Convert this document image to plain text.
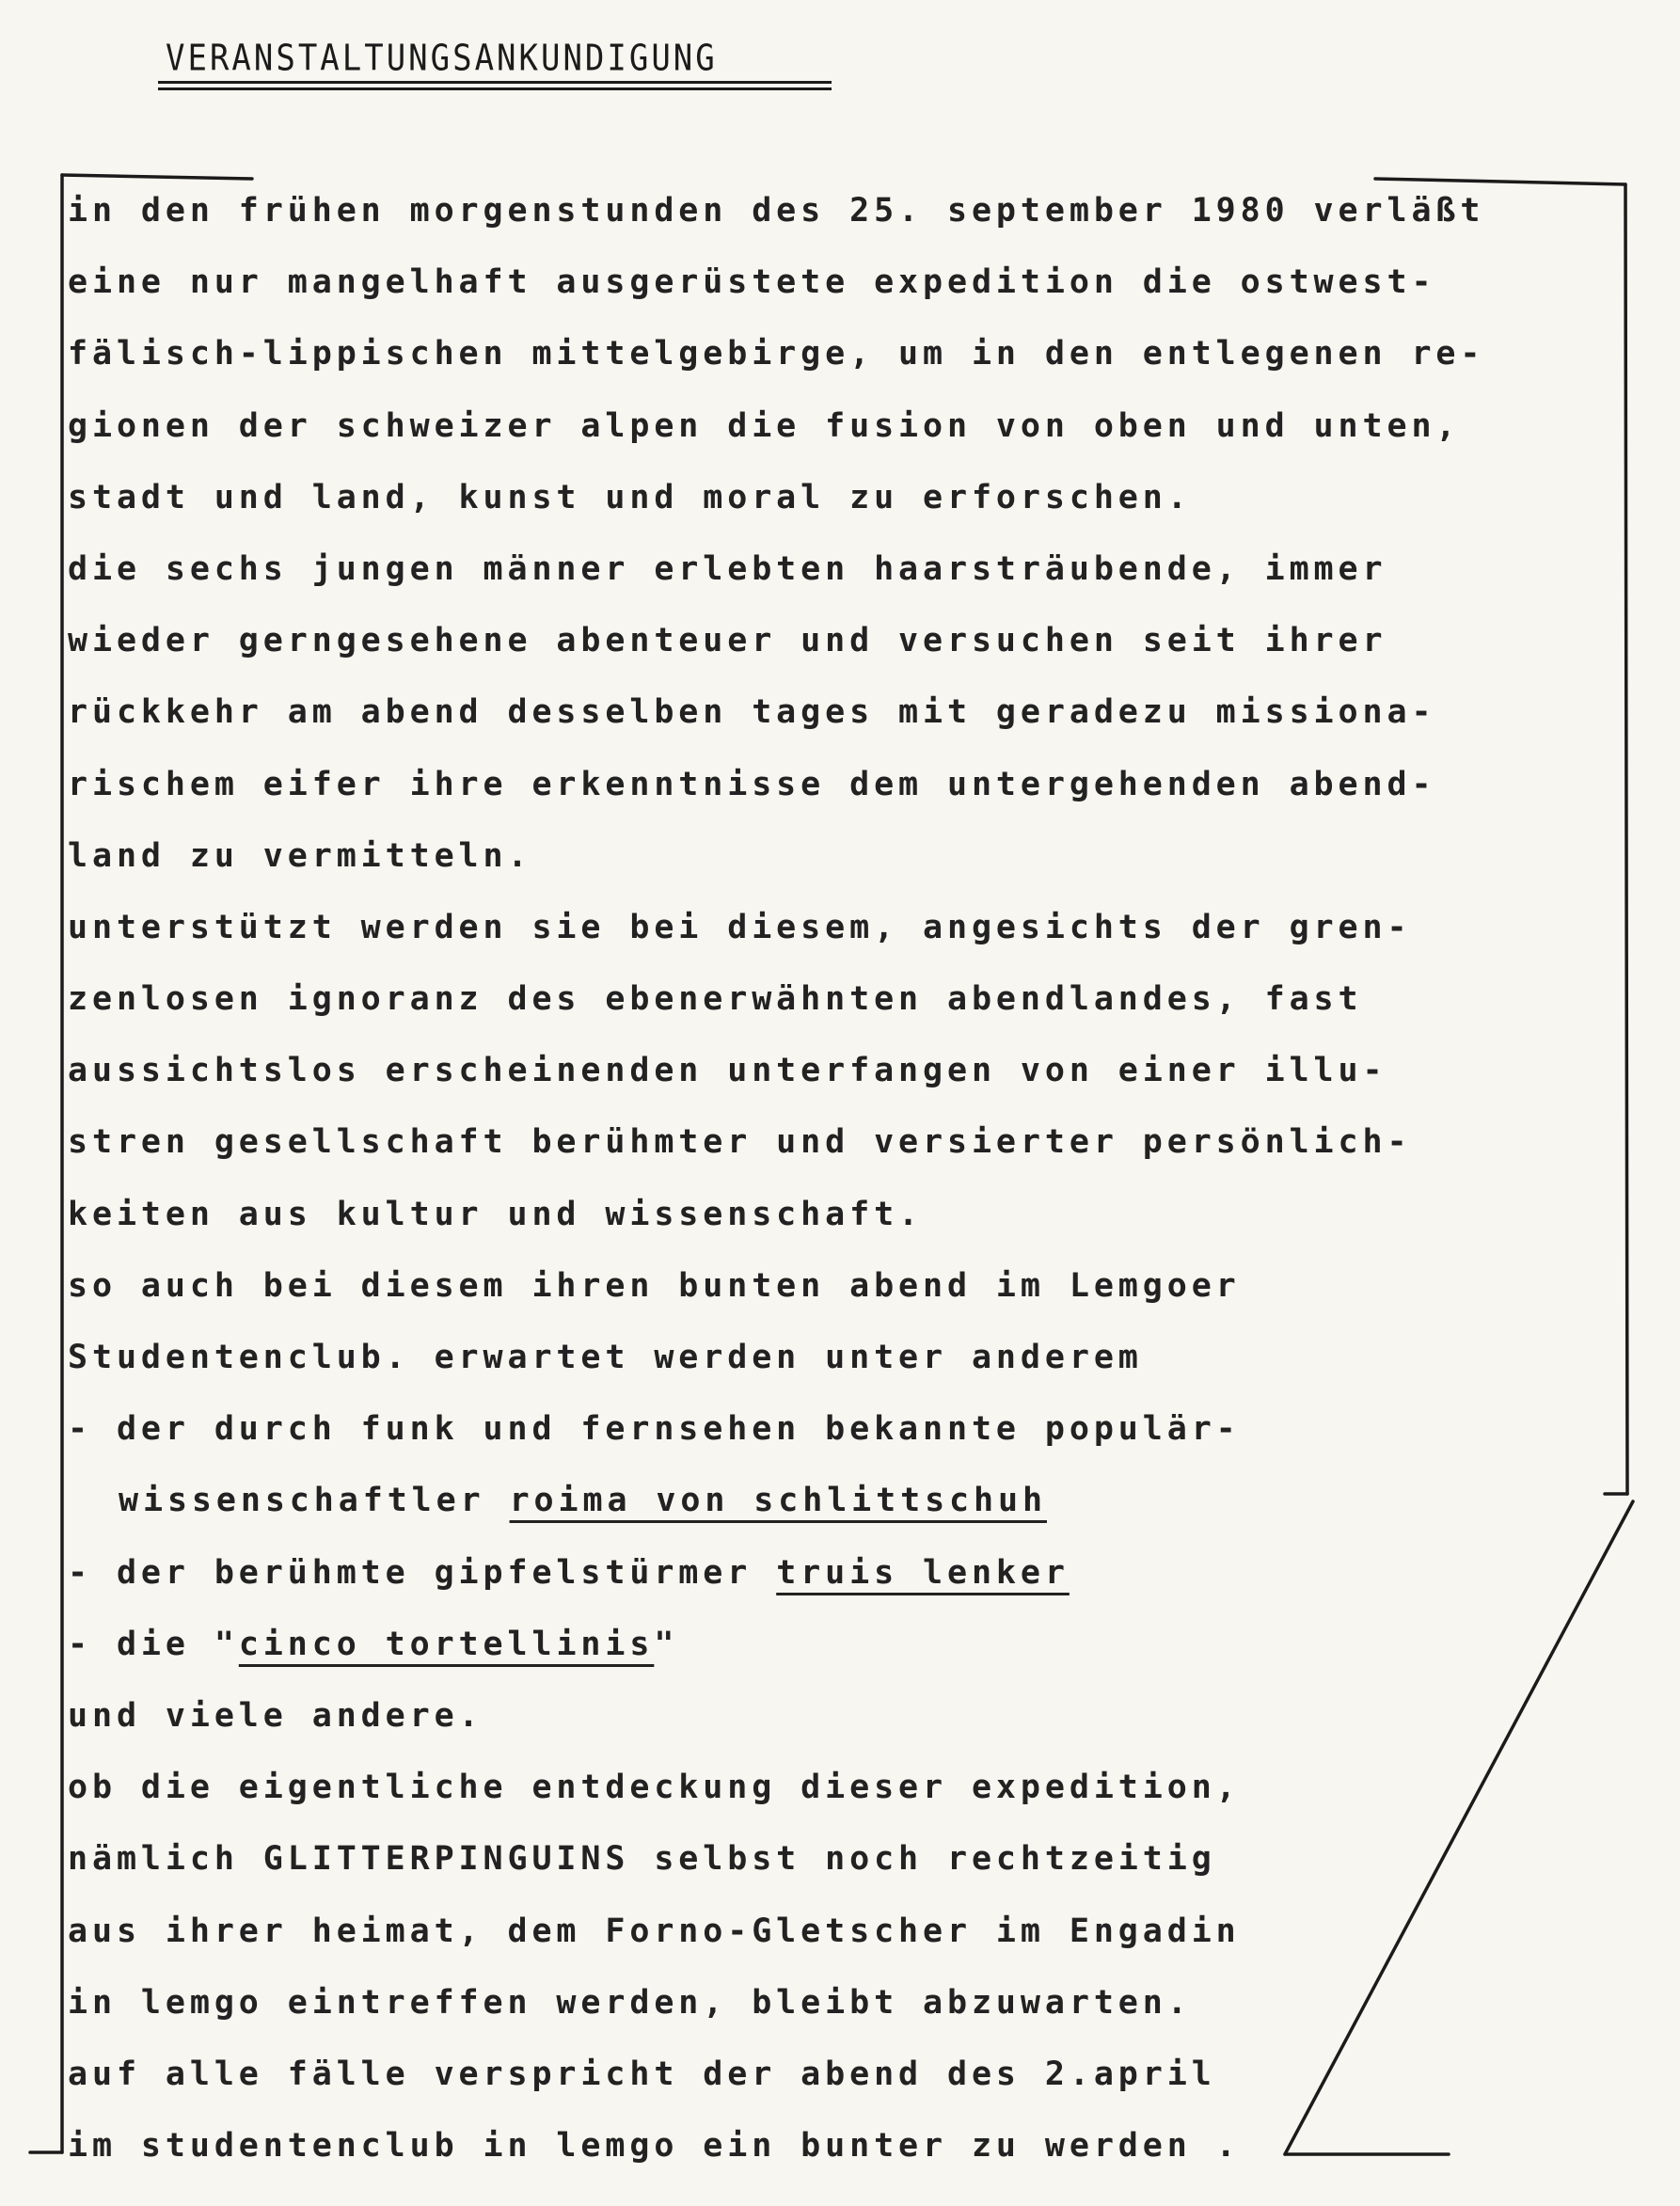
VERANSTALTUNGSANKUNDIGUNG
in den frühen morgenstunden des 25. september 1980 verläßt
eine nur mangelhaft ausgerüstete expedition die ostwest-
fälisch-lippischen mittelgebirge, um in den entlegenen re-
gionen der schweizer alpen die fusion von oben und unten,
stadt und land, kunst und moral zu erforschen.
die sechs jungen männer erlebten haarsträubende, immer
wieder gerngesehene abenteuer und versuchen seit ihrer
rückkehr am abend desselben tages mit geradezu missiona-
rischem eifer ihre erkenntnisse dem untergehenden abend-
land zu vermitteln.
unterstützt werden sie bei diesem, angesichts der gren-
zenlosen ignoranz des ebenerwähnten abendlandes, fast
aussichtslos erscheinenden unterfangen von einer illu-
stren gesellschaft berühmter und versierter persönlich-
keiten aus kultur und wissenschaft.
so auch bei diesem ihren bunten abend im Lemgoer
Studentenclub. erwartet werden unter anderem
- der durch funk und fernsehen bekannte populär-
wissenschaftler roima von schlittschuh
- der berühmte gipfelstürmer truis lenker
- die "cinco tortellinis"
und viele andere.
ob die eigentliche entdeckung dieser expedition,
nämlich GLITTERPINGUINS selbst noch rechtzeitig
aus ihrer heimat, dem Forno-Gletscher im Engadin
in lemgo eintreffen werden, bleibt abzuwarten.
auf alle fälle verspricht der abend des 2.april
im studentenclub in lemgo ein bunter zu werden .
